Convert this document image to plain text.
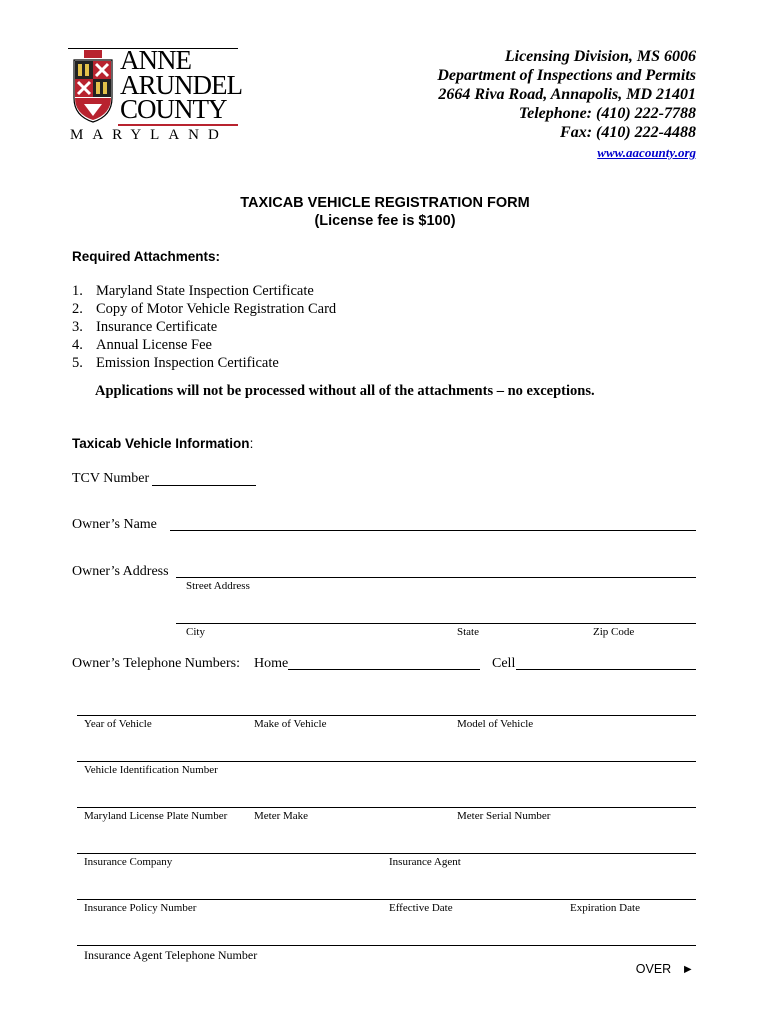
ANNE
ARUNDEL
COUNTY
MARYLAND
Licensing Division, MS 6006
Department of Inspections and Permits
2664 Riva Road, Annapolis, MD 21401
Telephone: (410) 222-7788
Fax: (410) 222-4488
www.aacounty.org
TAXICAB VEHICLE REGISTRATION FORM
(License fee is $100)
Required Attachments:
1. Maryland State Inspection Certificate
2. Copy of Motor Vehicle Registration Card
3. Insurance Certificate
4. Annual License Fee
5. Emission Inspection Certificate
Applications will not be processed without all of the attachments – no exceptions.
Taxicab Vehicle Information:
TCV Number
Owner’s Name
Owner’s Address
Street Address
City	State	Zip Code
Owner’s Telephone Numbers: Home	Cell
Year of Vehicle	Make of Vehicle	Model of Vehicle
Vehicle Identification Number
Maryland License Plate Number Meter Make	Meter Serial Number
Insurance Company	Insurance Agent
Insurance Policy Number	Effective Date	Expiration Date
Insurance Agent Telephone Number
OVER ►
